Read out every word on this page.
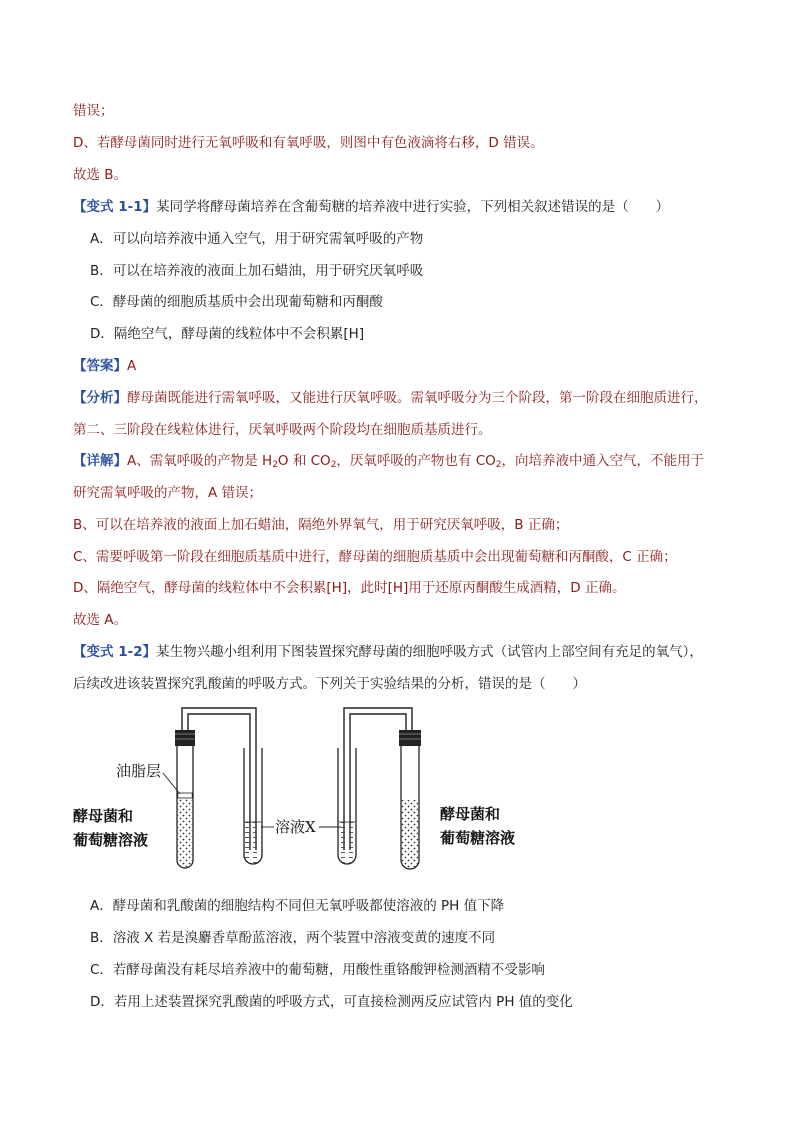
错误；
D、若酵母菌同时进行无氧呼吸和有氧呼吸，则图中有色液滴将右移，D 错误。
故选 B。
【变式 1-1】某同学将酵母菌培养在含葡萄糖的培养液中进行实验，下列相关叙述错误的是（　　）
A．可以向培养液中通入空气，用于研究需氧呼吸的产物
B．可以在培养液的液面上加石蜡油，用于研究厌氧呼吸
C．酵母菌的细胞质基质中会出现葡萄糖和丙酮酸
D．隔绝空气，酵母菌的线粒体中不会积累[H]
【答案】A
【分析】酵母菌既能进行需氧呼吸，又能进行厌氧呼吸。需氧呼吸分为三个阶段，第一阶段在细胞质进行，
第二、三阶段在线粒体进行，厌氧呼吸两个阶段均在细胞质基质进行。
【详解】A、需氧呼吸的产物是 $H_2O$ 和 $CO_2$，厌氧呼吸的产物也有 $CO_2$，向培养液中通入空气，不能用于
研究需氧呼吸的产物，A 错误；
B、可以在培养液的液面上加石蜡油，隔绝外界氧气，用于研究厌氧呼吸，B 正确；
C、需要呼吸第一阶段在细胞质基质中进行，酵母菌的细胞质基质中会出现葡萄糖和丙酮酸，C 正确；
D、隔绝空气，酵母菌的线粒体中不会积累[H]，此时[H]用于还原丙酮酸生成酒精，D 正确。
故选 A。
【变式 1-2】某生物兴趣小组利用下图装置探究酵母菌的细胞呼吸方式（试管内上部空间有充足的氧气），
后续改进该装置探究乳酸菌的呼吸方式。下列关于实验结果的分析，错误的是（　　）
油脂层
酵母菌和
葡萄糖溶液
溶液X
酵母菌和
葡萄糖溶液
A．酵母菌和乳酸菌的细胞结构不同但无氧呼吸都使溶液的 PH 值下降
B．溶液 X 若是溴麝香草酚蓝溶液，两个装置中溶液变黄的速度不同
C．若酵母菌没有耗尽培养液中的葡萄糖，用酸性重铬酸钾检测酒精不受影响
D．若用上述装置探究乳酸菌的呼吸方式，可直接检测两反应试管内 PH 值的变化
